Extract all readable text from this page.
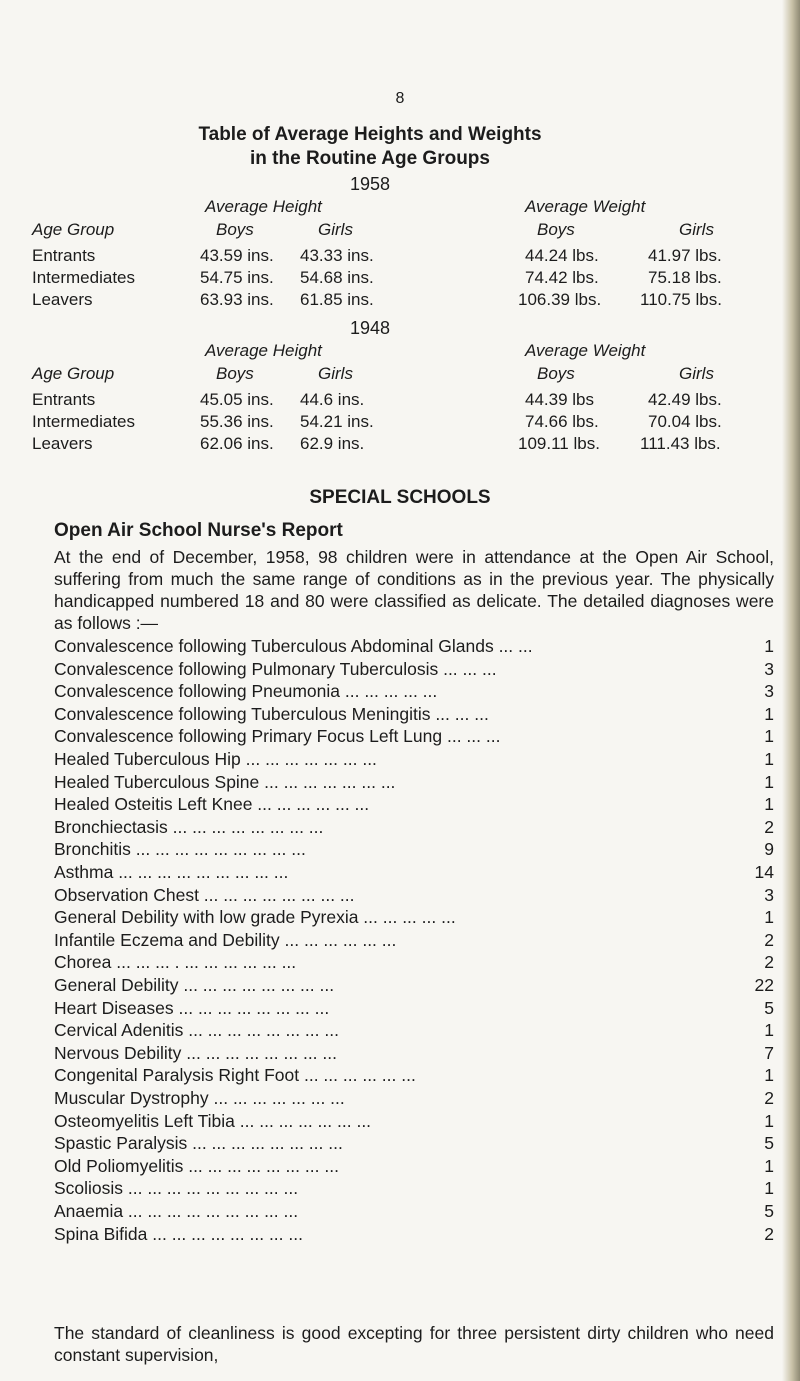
8
Table of Average Heights and Weights
in the Routine Age Groups
1958
Average Height	Average Weight
Age Group	Boys	Girls	Boys	Girls
Entrants	43.59 ins. 43.33 ins.	44.24 lbs.	41.97 lbs.
Intermediates	54.75 ins. 54.68 ins.	74.42 lbs.	75.18 lbs.
Leavers	63.93 ins. 61.85 ins.	106.39 lbs. 110.75 lbs.
1948
Average Height	Average Weight
Age Group	Boys	Girls	Boys	Girls
Entrants	45.05 ins. 44.6 ins.	44.39 lbs	42.49 lbs.
Intermediates	55.36 ins. 54.21 ins.	74.66 lbs.	70.04 lbs.
Leavers	62.06 ins. 62.9 ins.	109.11 lbs. 111.43 lbs.
SPECIAL SCHOOLS
Open Air School Nurse's Report
At the end of December, 1958, 98 children were in attendance at the Open Air School, suffering from much the same range of conditions as in the previous year. The physically handicapped numbered 18 and 80 were classified as delicate. The detailed diagnoses were as follows :—
Convalescence following Tuberculous Abdominal Glands ... ...	1
Convalescence following Pulmonary Tuberculosis ... ... ...	3
Convalescence following Pneumonia ... ... ... ... ...	3
Convalescence following Tuberculous Meningitis ... ... ...	1
Convalescence following Primary Focus Left Lung ... ... ...	1
Healed Tuberculous Hip ... ... ... ... ... ... ...	1
Healed Tuberculous Spine ... ... ... ... ... ... ...	1
Healed Osteitis Left Knee ... ... ... ... ... ...	1
Bronchiectasis ... ... ... ... ... ... ... ...	2
Bronchitis ... ... ... ... ... ... ... ... ...	9
Asthma ... ... ... ... ... ... ... ... ...	14
Observation Chest ... ... ... ... ... ... ... ...	3
General Debility with low grade Pyrexia ... ... ... ... ...	1
Infantile Eczema and Debility ... ... ... ... ... ...	2
Chorea ... ... ... . ... ... ... ... ... ...	2
General Debility ... ... ... ... ... ... ... ...	22
Heart Diseases ... ... ... ... ... ... ... ...	5
Cervical Adenitis ... ... ... ... ... ... ... ...	1
Nervous Debility ... ... ... ... ... ... ... ...	7
Congenital Paralysis Right Foot ... ... ... ... ... ...	1
Muscular Dystrophy ... ... ... ... ... ... ...	2
Osteomyelitis Left Tibia ... ... ... ... ... ... ...	1
Spastic Paralysis ... ... ... ... ... ... ... ...	5
Old Poliomyelitis ... ... ... ... ... ... ... ...	1
Scoliosis ... ... ... ... ... ... ... ... ...	1
Anaemia ... ... ... ... ... ... ... ... ...	5
Spina Bifida ... ... ... ... ... ... ... ...	2
The standard of cleanliness is good excepting for three persistent dirty children who need constant supervision,
